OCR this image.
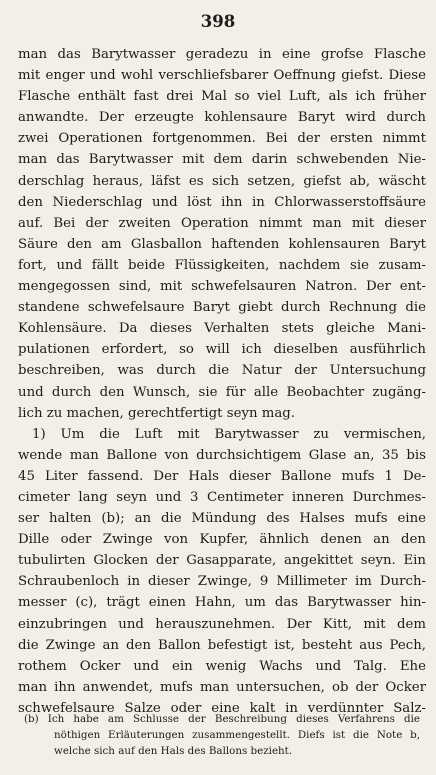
398
man das Barytwasser geradezu in eine grofse Flasche
mit enger und wohl verschliefsbarer Oeffnung giefst. Diese
Flasche enthält fast drei Mal so viel Luft, als ich früher
anwandte. Der erzeugte kohlensaure Baryt wird durch
zwei Operationen fortgenommen. Bei der ersten nimmt
man das Barytwasser mit dem darin schwebenden Nie-
derschlag heraus, läfst es sich setzen, giefst ab, wäscht
den Niederschlag und löst ihn in Chlorwasserstoffsäure
auf. Bei der zweiten Operation nimmt man mit dieser
Säure den am Glasballon haftenden kohlensauren Baryt
fort, und fällt beide Flüssigkeiten, nachdem sie zusam-
mengegossen sind, mit schwefelsauren Natron. Der ent-
standene schwefelsaure Baryt giebt durch Rechnung die
Kohlensäure. Da dieses Verhalten stets gleiche Mani-
pulationen erfordert, so will ich dieselben ausführlich
beschreiben, was durch die Natur der Untersuchung
und durch den Wunsch, sie für alle Beobachter zugäng-
lich zu machen, gerechtfertigt seyn mag.
1) Um die Luft mit Barytwasser zu vermischen,
wende man Ballone von durchsichtigem Glase an, 35 bis
45 Liter fassend. Der Hals dieser Ballone mufs 1 De-
cimeter lang seyn und 3 Centimeter inneren Durchmes-
ser halten (b); an die Mündung des Halses mufs eine
Dille oder Zwinge von Kupfer, ähnlich denen an den
tubulirten Glocken der Gasapparate, angekittet seyn. Ein
Schraubenloch in dieser Zwinge, 9 Millimeter im Durch-
messer (c), trägt einen Hahn, um das Barytwasser hin-
einzubringen und herauszunehmen. Der Kitt, mit dem
die Zwinge an den Ballon befestigt ist, besteht aus Pech,
rothem Ocker und ein wenig Wachs und Talg. Ehe
man ihn anwendet, mufs man untersuchen, ob der Ocker
schwefelsaure Salze oder eine kalt in verdünnter Salz-
(b) Ich habe am Schlusse der Beschreibung dieses Verfahrens die
nöthigen Erläuterungen zusammengestellt. Diefs ist die Note b,
welche sich auf den Hals des Ballons bezieht.
